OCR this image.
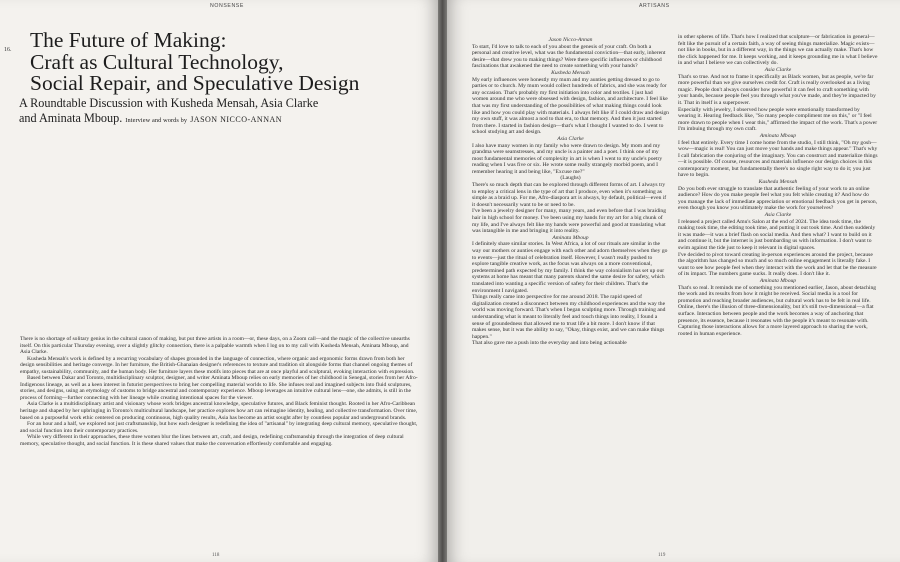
NONSENSE
16. The Future of Making:
Craft as Cultural Technology,
Social Repair, and Speculative Design
A Roundtable Discussion with Kusheda Mensah, Asia Clarke
and Aminata Mboup. Interview and words by JASON NICCO-ANNAN

There is no shortage of solitary genius in the cultural canon of making, but put three artists in a room—or, these days, on a Zoom call—and the magic of the collective unearths itself. On this particular Thursday evening, over a slightly glitchy connection, there is a palpable warmth when I log on to my call with Kusheda Mensah, Aminata Mboup, and Asia Clarke.

Kusheda Mensah's work is defined by a recurring vocabulary of shapes grounded in the language of connection, where organic and ergonomic forms drawn from both her design sensibilities and heritage converge. In her furniture, the British-Ghanaian designer's references to texture and tradition sit alongside forms that channel ongoing themes of empathy, sustainability, community, and the human body. Her furniture layers these motifs into pieces that are at once playful and sculptural, evoking interaction with expression.

Based between Dakar and Toronto, multidisciplinary sculptor, designer, and writer Aminata Mboup relies on early memories of her childhood in Senegal, stories from her Afro-Indigenous lineage, as well as a keen interest in futurist perspectives to bring her compelling material worlds to life. She infuses real and imagined subjects into fluid sculptures, stories, and designs, using an etymology of customs to bridge ancestral and contemporary experience. Mboup leverages an intuitive cultural lens—one, she admits, is still in the process of forming—further connecting with her lineage while creating intentional spaces for the viewer.

Asia Clarke is a multidisciplinary artist and visionary whose work bridges ancestral knowledge, speculative futures, and Black feminist thought. Rooted in her Afro-Caribbean heritage and shaped by her upbringing in Toronto's multicultural landscape, her practice explores how art can reimagine identity, healing, and collective transformation. Over time, based on a purposeful work ethic centered on producing continuous, high quality results, Asia has become an artist sought after by countless popular and underground brands.

For an hour and a half, we explored not just craftsmanship, but how each designer is redefining the idea of "artisanal" by integrating deep cultural memory, speculative thought, and social function into their contemporary practices.

While very different in their approaches, these three women blur the lines between art, craft, and design, redefining craftsmanship through the integration of deep cultural memory, speculative thought, and social function. It is these shared values that make the conversation effortlessly comfortable and engaging.

118
ARTISANS

Jason Nicco-Annan

To start, I'd love to talk to each of you about the genesis of your craft. On both a personal and creative level, what was the fundamental conviction—that early, inherent desire—that drew you to making things? Were there specific influences or childhood fascinations that awakened the need to create something with your hands?

Kusheda Mensah

My early influences were honestly my mum and my aunties getting dressed to go to parties or to church. My mum would collect hundreds of fabrics, and she was ready for any occasion. That's probably my first initiation into color and textiles. I just had women around me who were obsessed with design, fashion, and architecture. I feel like that was my first understanding of the possibilities of what making things could look like and how you could play with materials. I always felt like if I could draw and design my own stuff, it was almost a nod to that era, to that memory. And then it just started from there. I started in fashion design—that's what I thought I wanted to do. I went to school studying art and design.

Asia Clarke

I also have many women in my family who were drawn to design. My mom and my grandma were seamstresses, and my uncle is a painter and a poet. I think one of my most fundamental memories of complexity in art is when I went to my uncle's poetry reading when I was five or six. He wrote some really strangely morbid poem, and I remember hearing it and being like, "Excuse me?"

(Laughs)

There's so much depth that can be explored through different forms of art. I always try to employ a critical lens in the type of art that I produce, even when it's something as simple as a braid up. For me, Afro-diaspora art is always, by default, political—even if it doesn't necessarily want to be or need to be.

I've been a jewelry designer for many, many years, and even before that I was braiding hair in high school for money. I've been using my hands for my art for a big chunk of my life, and I've always felt like my hands were powerful and good at translating what was intangible in me and bringing it into reality.

Aminata Mboup

I definitely share similar stories. In West Africa, a lot of our rituals are similar in the way our mothers or aunties engage with each other and adorn themselves when they go to events—just the ritual of celebration itself. However, I wasn't really pushed to explore tangible creative work, as the focus was always on a more conventional, predetermined path expected by my family. I think the way colonialism has set up our systems at home has meant that many parents shared the same desire for safety, which translated into wanting a specific version of safety for their children. That's the environment I navigated.

Things really came into perspective for me around 2018. The rapid speed of digitalization created a disconnect between my childhood experiences and the way the world was moving forward. That's when I began sculpting more. Through training and understanding what is meant to literally feel and touch things into reality, I found a sense of groundedness that allowed me to trust life a bit more. I don't know if that makes sense, but it was the ability to say, "Okay, things exist, and we can make things happen."

That also gave me a push into the everyday and into being actionable

in other spheres of life. That's how I realized that sculpture—or fabrication in general—felt like the pursuit of a certain faith, a way of seeing things materialize. Magic exists—not like in books, but in a different way, in the things we can actually make. That's how the click happened for me. It keeps working, and it keeps grounding me in what I believe in and what I believe we can collectively do.

Asia Clarke

That's so true. And not to frame it specifically as Black women, but as people, we're far more powerful than we give ourselves credit for. Craft is really overlooked as a living magic. People don't always consider how powerful it can feel to craft something with your hands, because people feel you through what you've made, and they're impacted by it. That in itself is a superpower.

Especially with jewelry, I observed how people were emotionally transformed by wearing it. Hearing feedback like, "So many people compliment me on this," or "I feel more drawn to people when I wear this," affirmed the impact of the work. That's a power I'm imbuing through my own craft.

Aminata Mboup

I feel that entirely. Every time I come home from the studio, I still think, "Oh my gosh—wow—magic is real! You can just move your hands and make things appear." That's why I call fabrication the conjuring of the imaginary. You can construct and materialize things—it is possible. Of course, resources and materials influence our design choices in this contemporary moment, but fundamentally there's no single right way to do it; you just have to begin.

Kusheda Mensah

Do you both ever struggle to translate that authentic feeling of your work to an online audience? How do you make people feel what you felt while creating it? And how do you manage the lack of immediate appreciation or emotional feedback you get in person, even though you know you ultimately make the work for yourselves?

Asia Clarke

I released a project called Amu's Salon at the end of 2024. The idea took time, the making took time, the editing took time, and putting it out took time. And then suddenly it was made—it was a brief flash on social media. And then what? I want to build on it and continue it, but the internet is just bombarding us with information. I don't want to swim against the tide just to keep it relevant in digital spaces.

I've decided to pivot toward creating in-person experiences around the project, because the algorithm has changed so much and so much online engagement is literally fake. I want to see how people feel when they interact with the work and let that be the measure of its impact. The numbers game sucks. It really does. I don't like it.

Aminata Mboup

That's so real. It reminds me of something you mentioned earlier, Jason, about detaching the work and its results from how it might be received. Social media is a tool for promotion and reaching broader audiences, but cultural work has to be felt in real life. Online, there's the illusion of three-dimensionality, but it's still two-dimensional—a flat surface. Interaction between people and the work becomes a way of anchoring that presence, its essence, because it resonates with the people it's meant to resonate with. Capturing those interactions allows for a more layered approach to sharing the work, rooted in human experience.

119
